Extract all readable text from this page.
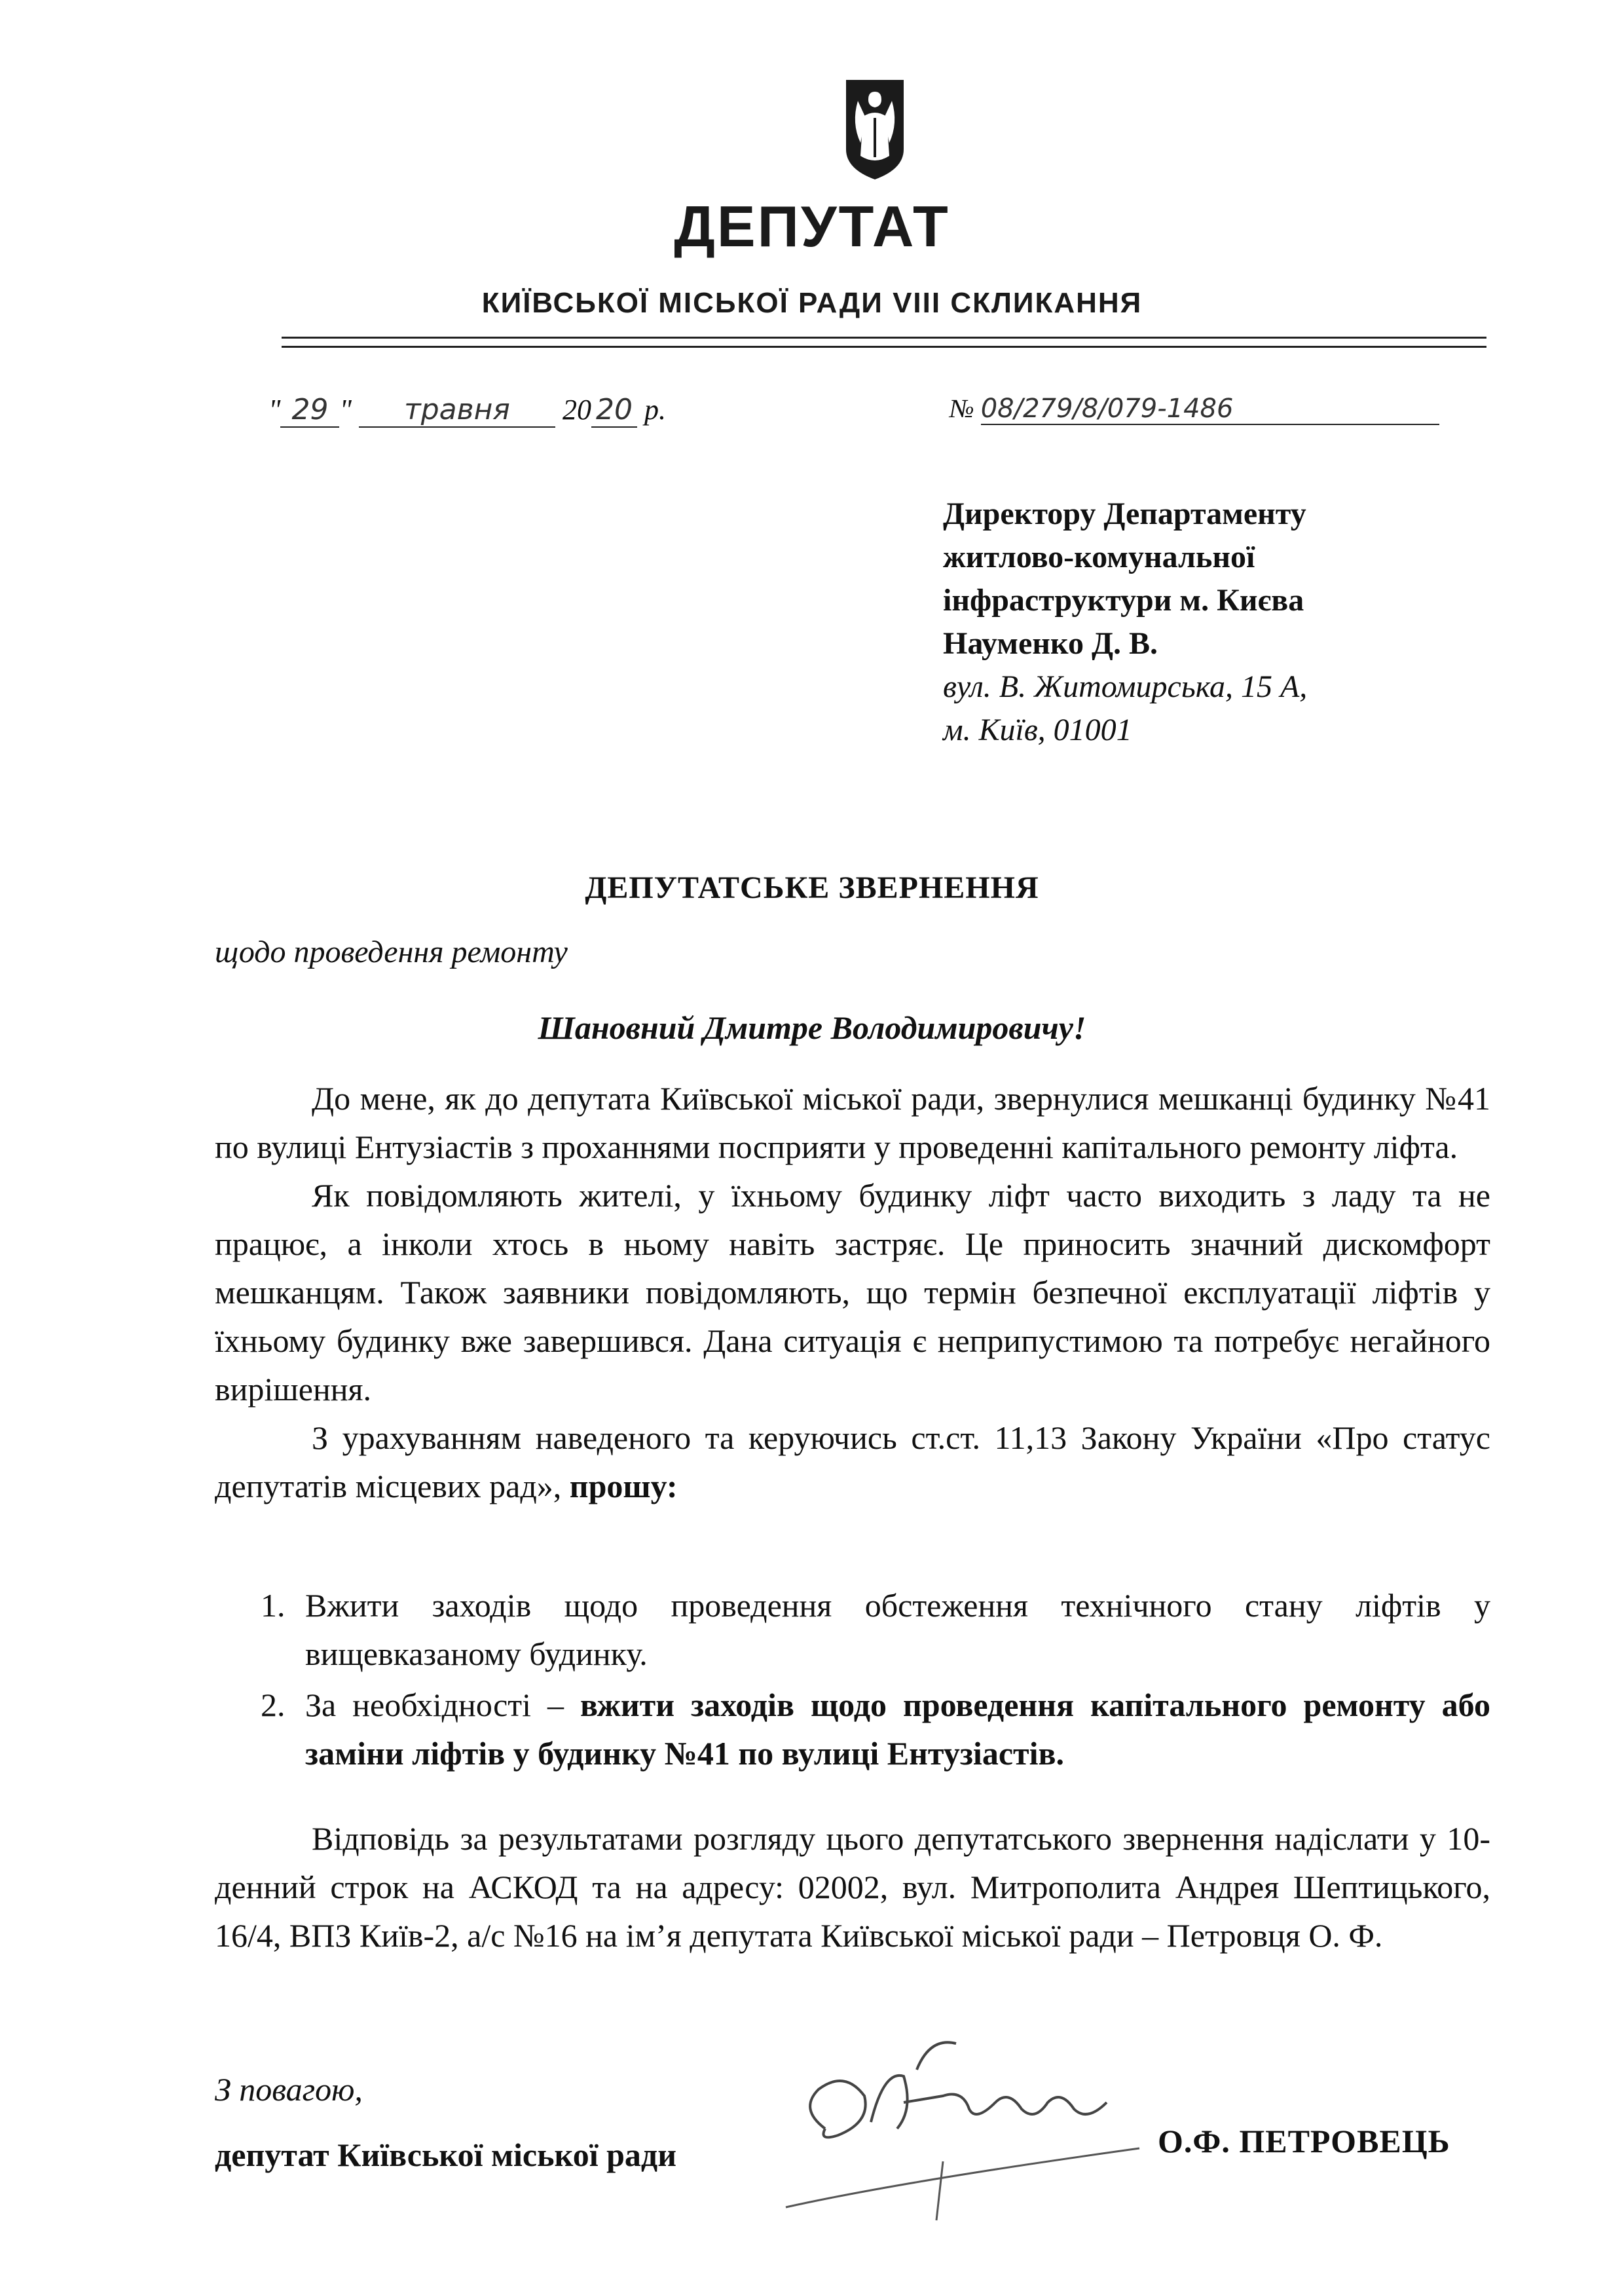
ДЕПУТАТ
КИЇВСЬКОЇ МІСЬКОЇ РАДИ VIII СКЛИКАННЯ
" 29 " травня 20 20 р.	№ 08/279/8/079-1486
Директору Департаменту
житлово-комунальної
інфраструктури м. Києва
Науменко Д. В.
вул. В. Житомирська, 15 А,
м. Київ, 01001
ДЕПУТАТСЬКЕ ЗВЕРНЕННЯ
щодо проведення ремонту
Шановний Дмитре Володимировичу!

До мене, як до депутата Київської міської ради, звернулися мешканці будинку №41 по вулиці Ентузіастів з проханнями посприяти у проведенні капітального ремонту ліфта.

Як повідомляють жителі, у їхньому будинку ліфт часто виходить з ладу та не працює, а інколи хтось в ньому навіть застряє. Це приносить значний дискомфорт мешканцям. Також заявники повідомляють, що термін безпечної експлуатації ліфтів у їхньому будинку вже завершився. Дана ситуація є неприпустимою та потребує негайного вирішення.

З урахуванням наведеного та керуючись ст.ст. 11,13 Закону України «Про статус депутатів місцевих рад», прошу:

1. Вжити заходів щодо проведення обстеження технічного стану ліфтів у вищевказаному будинку.
2. За необхідності – вжити заходів щодо проведення капітального ремонту або заміни ліфтів у будинку №41 по вулиці Ентузіастів.

Відповідь за результатами розгляду цього депутатського звернення надіслати у 10-денний строк на АСКОД та на адресу: 02002, вул. Митрополита Андрея Шептицького, 16/4, ВПЗ Київ-2, а/с №16 на ім’я депутата Київської міської ради – Петровця О. Ф.

З повагою,
депутат Київської міської ради	О.Ф. ПЕТРОВЕЦЬ
